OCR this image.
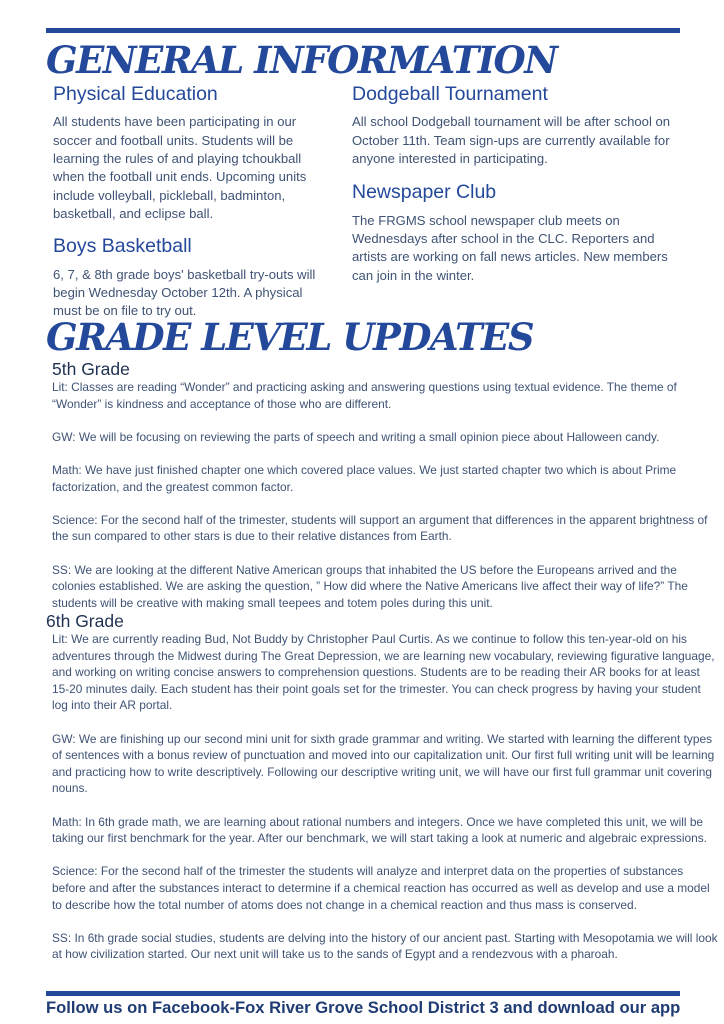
GENERAL INFORMATION
Physical Education

All students have been participating in our soccer and football units. Students will be learning the rules of and playing tchoukball when the football unit ends. Upcoming units include volleyball, pickleball, badminton, basketball, and eclipse ball.

Boys Basketball

6, 7, & 8th grade boys' basketball try-outs will begin Wednesday October 12th. A physical must be on file to try out.

Dodgeball Tournament

All school Dodgeball tournament will be after school on October 11th. Team sign-ups are currently available for anyone interested in participating.

Newspaper Club

The FRGMS school newspaper club meets on Wednesdays after school in the CLC. Reporters and artists are working on fall news articles. New members can join in the winter.

GRADE LEVEL UPDATES
5th Grade

Lit: Classes are reading “Wonder” and practicing asking and answering questions using textual evidence. The theme of “Wonder” is kindness and acceptance of those who are different.

GW: We will be focusing on reviewing the parts of speech and writing a small opinion piece about Halloween candy.

Math: We have just finished chapter one which covered place values. We just started chapter two which is about Prime factorization, and the greatest common factor.

Science: For the second half of the trimester, students will support an argument that differences in the apparent brightness of the sun compared to other stars is due to their relative distances from Earth.

SS: We are looking at the different Native American groups that inhabited the US before the Europeans arrived and the colonies established. We are asking the question, ” How did where the Native Americans live affect their way of life?” The students will be creative with making small teepees and totem poles during this unit.

6th Grade

Lit: We are currently reading Bud, Not Buddy by Christopher Paul Curtis. As we continue to follow this ten-year-old on his adventures through the Midwest during The Great Depression, we are learning new vocabulary, reviewing figurative language, and working on writing concise answers to comprehension questions. Students are to be reading their AR books for at least 15-20 minutes daily. Each student has their point goals set for the trimester. You can check progress by having your student log into their AR portal.

GW: We are finishing up our second mini unit for sixth grade grammar and writing. We started with learning the different types of sentences with a bonus review of punctuation and moved into our capitalization unit. Our first full writing unit will be learning and practicing how to write descriptively. Following our descriptive writing unit, we will have our first full grammar unit covering nouns.

Math: In 6th grade math, we are learning about rational numbers and integers. Once we have completed this unit, we will be taking our first benchmark for the year. After our benchmark, we will start taking a look at numeric and algebraic expressions.

Science: For the second half of the trimester the students will analyze and interpret data on the properties of substances before and after the substances interact to determine if a chemical reaction has occurred as well as develop and use a model to describe how the total number of atoms does not change in a chemical reaction and thus mass is conserved.

SS: In 6th grade social studies, students are delving into the history of our ancient past. Starting with Mesopotamia we will look at how civilization started. Our next unit will take us to the sands of Egypt and a rendezvous with a pharoah.

Follow us on Facebook-Fox River Grove School District 3 and download our app
